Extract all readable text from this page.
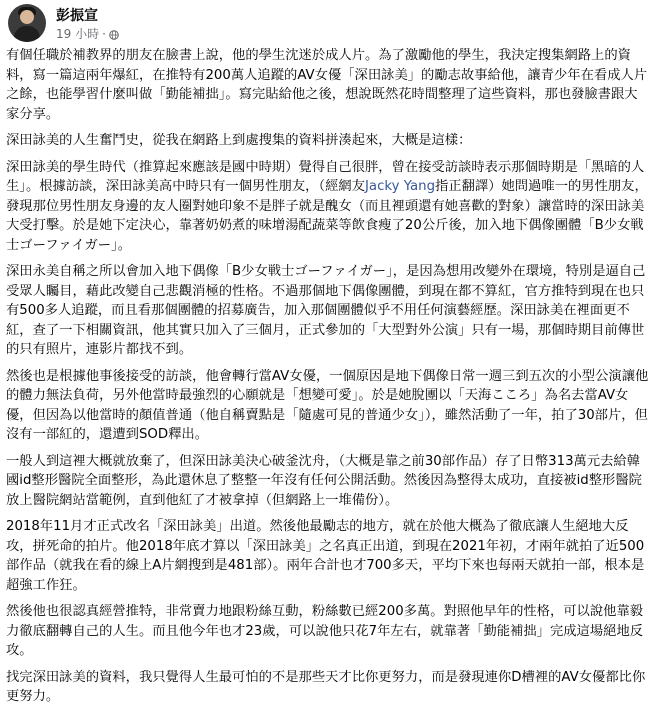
彭振宣
19 小時 ·

有個任職於補教界的朋友在臉書上說，他的學生沈迷於成人片。為了激勵他的學生，我決定搜集網路上的資料，寫一篇這兩年爆紅，在推特有200萬人追蹤的AV女優「深田詠美」的勵志故事給他，讓青少年在看成人片之餘，也能學習什麼叫做「勤能補拙」。寫完貼給他之後，想說既然花時間整理了這些資料，那也發臉書跟大家分享。

深田詠美的人生奮鬥史，從我在網路上到處搜集的資料拼湊起來，大概是這樣：

深田詠美的學生時代（推算起來應該是國中時期）覺得自己很胖，曾在接受訪談時表示那個時期是「黑暗的人生」。根據訪談，深田詠美高中時只有一個男性朋友，（經網友Jacky Yang指正翻譯）她問過唯一的男性朋友，發現那位男性朋友身邊的友人圈對她印象不是胖子就是醜女（而且裡頭還有她喜歡的對象）讓當時的深田詠美大受打擊。於是她下定決心，靠著奶奶煮的味增湯配蔬菜等飲食瘦了20公斤後，加入地下偶像團體「B少女戦士ゴーファイガー」。

深田永美自稱之所以會加入地下偶像「B少女戦士ゴーファイガー」，是因為想用改變外在環境，特別是逼自己受眾人矚目，藉此改變自己悲觀消極的性格。不過那個地下偶像團體，到現在都不算紅，官方推特到現在也只有500多人追蹤，而且看那個團體的招募廣告，加入那個團體似乎不用任何演藝經歷。深田詠美在裡面更不紅，查了一下相關資訊，他其實只加入了三個月，正式參加的「大型對外公演」只有一場，那個時期目前傳世的只有照片，連影片都找不到。

然後也是根據他事後接受的訪談，他會轉行當AV女優，一個原因是地下偶像日常一週三到五次的小型公演讓他的體力無法負荷，另外他當時最強烈的心願就是「想變可愛」。於是她脫團以「天海こころ」為名去當AV女優，但因為以他當時的顏值普通（他自稱賣點是「隨處可見的普通少女」），雖然活動了一年，拍了30部片，但沒有一部紅的，還遭到SOD釋出。

一般人到這裡大概就放棄了，但深田詠美決心破釜沈舟，（大概是靠之前30部作品）存了日幣313萬元去給韓國id整形醫院全面整形，為此還休息了整整一年沒有任何公開活動。然後因為整得太成功，直接被id整形醫院放上醫院網站當範例，直到他紅了才被拿掉（但網路上一堆備份）。

2018年11月才正式改名「深田詠美」出道。然後他最勵志的地方，就在於他大概為了徹底讓人生絕地大反攻，拼死命的拍片。他2018年底才算以「深田詠美」之名真正出道，到現在2021年初，才兩年就拍了近500部作品（就我在看的線上A片網搜到是481部）。兩年合計也才700多天，平均下來也每兩天就拍一部，根本是超強工作狂。

然後他也很認真經營推特，非常賣力地跟粉絲互動，粉絲數已經200多萬。對照他早年的性格，可以說他靠毅力徹底翻轉自己的人生。而且他今年也才23歲，可以說他只花7年左右，就靠著「勤能補拙」完成這場絕地反攻。

找完深田詠美的資料，我只覺得人生最可怕的不是那些天才比你更努力，而是發現連你D槽裡的AV女優都比你更努力。
